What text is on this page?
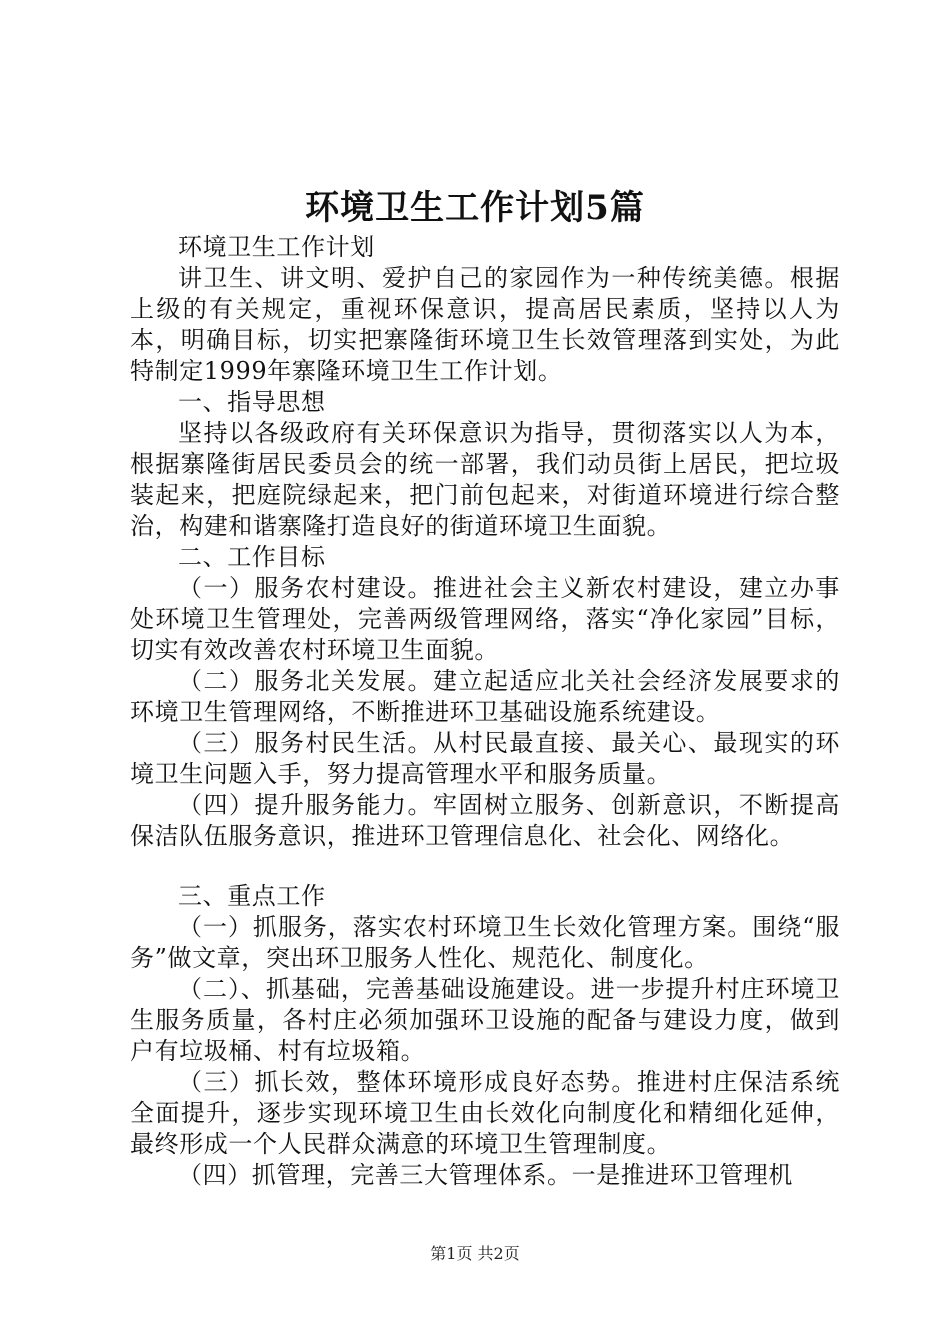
环境卫生工作计划5篇

环境卫生工作计划

讲卫生、讲文明、爱护自己的家园作为一种传统美德。根据上级的有关规定，重视环保意识，提高居民素质，坚持以人为本，明确目标，切实把寨隆街环境卫生长效管理落到实处，为此特制定1999年寨隆环境卫生工作计划。

一、指导思想

坚持以各级政府有关环保意识为指导，贯彻落实以人为本，根据寨隆街居民委员会的统一部署，我们动员街上居民，把垃圾装起来，把庭院绿起来，把门前包起来，对街道环境进行综合整治，构建和谐寨隆打造良好的街道环境卫生面貌。

二、工作目标

（一）服务农村建设。推进社会主义新农村建设，建立办事处环境卫生管理处，完善两级管理网络，落实“净化家园”目标，切实有效改善农村环境卫生面貌。

（二）服务北关发展。建立起适应北关社会经济发展要求的环境卫生管理网络，不断推进环卫基础设施系统建设。

（三）服务村民生活。从村民最直接、最关心、最现实的环境卫生问题入手，努力提高管理水平和服务质量。

（四）提升服务能力。牢固树立服务、创新意识，不断提高保洁队伍服务意识，推进环卫管理信息化、社会化、网络化。

三、重点工作

（一）抓服务，落实农村环境卫生长效化管理方案。围绕“服务”做文章，突出环卫服务人性化、规范化、制度化。

（二）、抓基础，完善基础设施建设。进一步提升村庄环境卫生服务质量，各村庄必须加强环卫设施的配备与建设力度，做到户有垃圾桶、村有垃圾箱。

（三）抓长效，整体环境形成良好态势。推进村庄保洁系统全面提升，逐步实现环境卫生由长效化向制度化和精细化延伸，最终形成一个人民群众满意的环境卫生管理制度。

（四）抓管理，完善三大管理体系。一是推进环卫管理机

第1页 共2页
